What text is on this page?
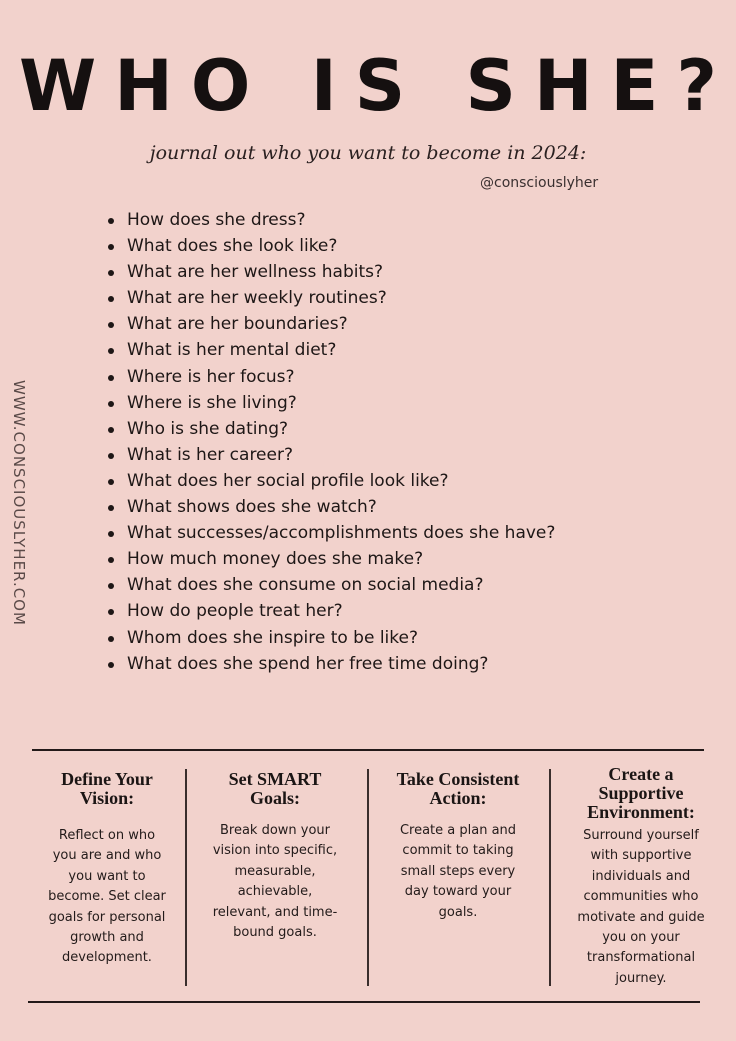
WHO IS SHE?
journal out who you want to become in 2024:
@consciouslyher
WWW.CONSCIOUSLYHER.COM
How does she dress?
What does she look like?
What are her wellness habits?
What are her weekly routines?
What are her boundaries?
What is her mental diet?
Where is her focus?
Where is she living?
Who is she dating?
What is her career?
What does her social profile look like?
What shows does she watch?
What successes/accomplishments does she have?
How much money does she make?
What does she consume on social media?
How do people treat her?
Whom does she inspire to be like?
What does she spend her free time doing?
Define Your
Vision:

Reflect on who
you are and who
you want to
become. Set clear
goals for personal
growth and
development.

Set SMART
Goals:

Break down your
vision into specific,
measurable,
achievable,
relevant, and time-
bound goals.

Take Consistent
Action:

Create a plan and
commit to taking
small steps every
day toward your
goals.

Create a
Supportive
Environment:

Surround yourself
with supportive
individuals and
communities who
motivate and guide
you on your
transformational
journey.
